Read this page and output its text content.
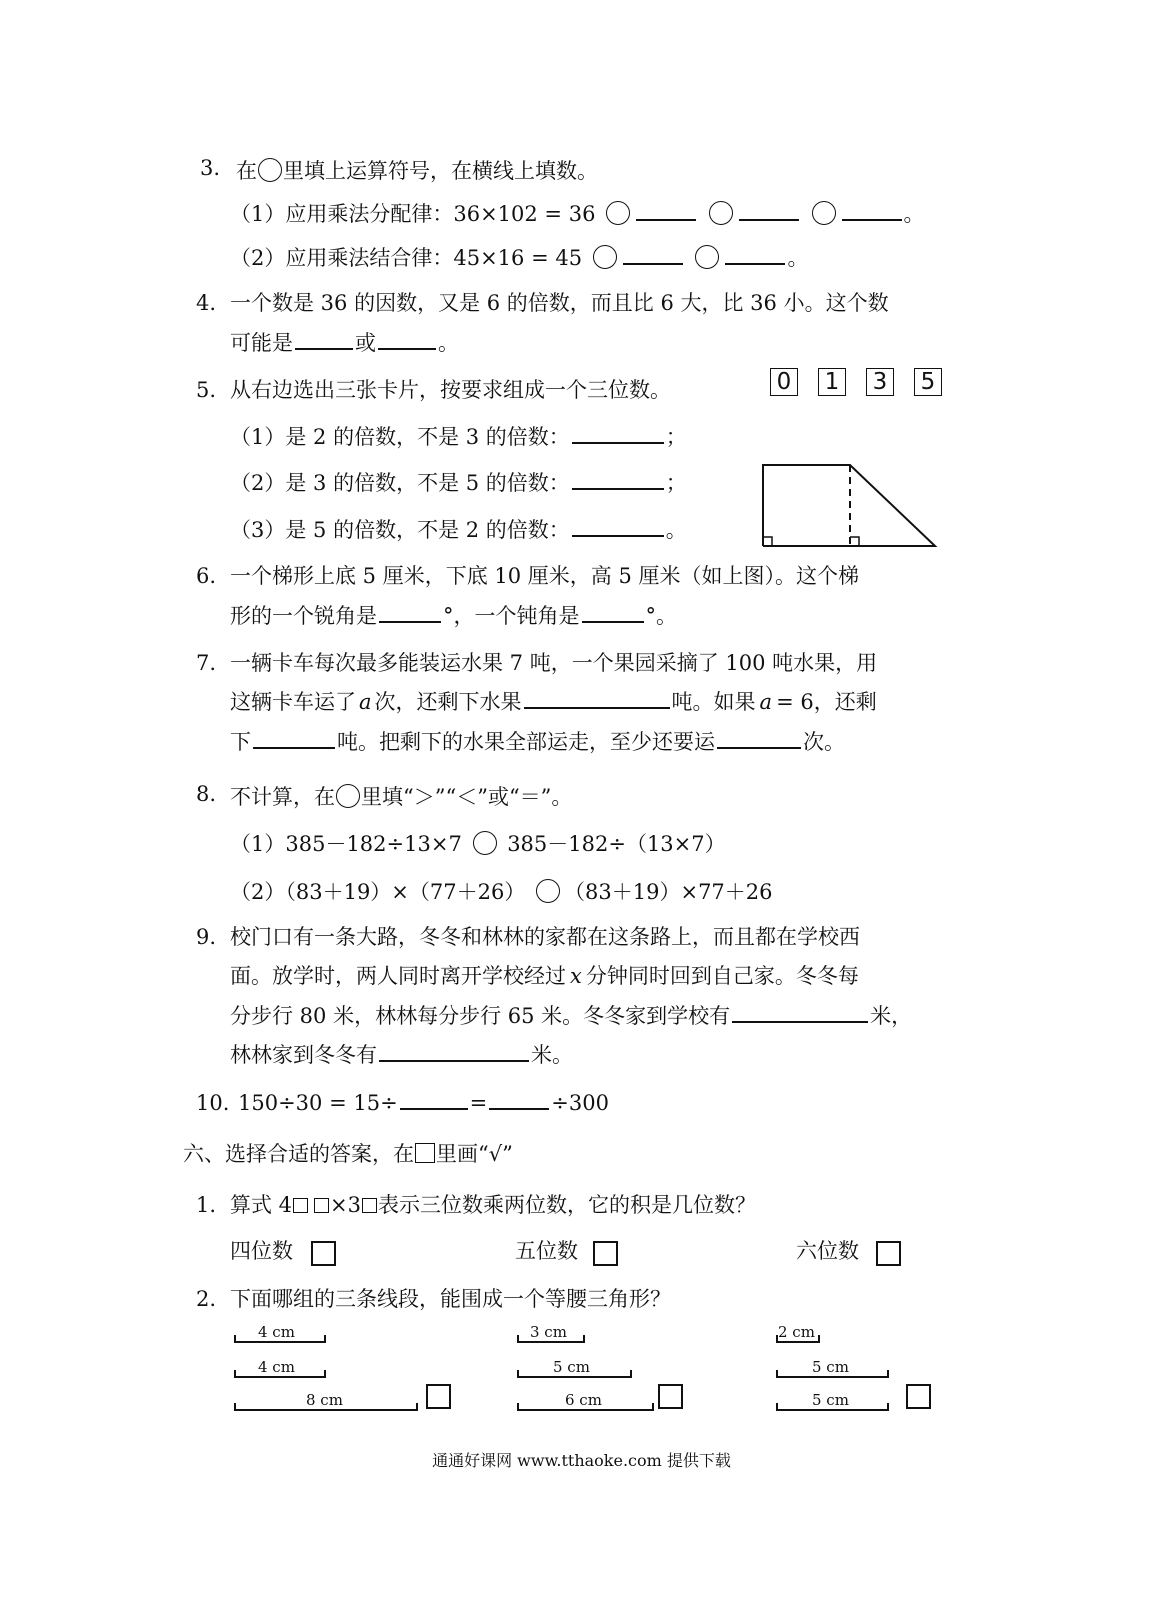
3. 在 里填上运算符号，在横线上填数。
（1）应用乘法分配律：36×102 = 36	。
（2）应用乘法结合律：45×16 = 45	。
4. 一个数是 36 的因数，又是 6 的倍数，而且比 6 大，比 36 小。这个数
可能是	或	。
5. 从右边选出三张卡片，按要求组成一个三位数。	0 1 3 5
（1）是 2 的倍数，不是 3 的倍数：	；
（2）是 3 的倍数，不是 5 的倍数：	；
（3）是 5 的倍数，不是 2 的倍数：	。
6. 一个梯形上底 5 厘米，下底 10 厘米，高 5 厘米（如上图）。这个梯
形的一个锐角是	°，一个钝角是	°。
7. 一辆卡车每次最多能装运水果 7 吨，一个果园采摘了 100 吨水果，用
这辆卡车运了 a 次，还剩下水果	吨。如果 a = 6，还剩
下	吨。把剩下的水果全部运走，至少还要运	次。
8. 不计算，在 里填“＞”“＜”或“＝”。
（1）385－182÷13×7 385－182÷（13×7）
（2）（83＋19）×（77＋26） （83＋19）×77＋26
9. 校门口有一条大路，冬冬和林林的家都在这条路上，而且都在学校西
面。放学时，两人同时离开学校经过 x 分钟同时回到自己家。冬冬每
分步行 80 米，林林每分步行 65 米。冬冬家到学校有	米，
林林家到冬冬有	米。
10. 150÷30 = 15÷	=	÷300
六、选择合适的答案，在 里画“√”
1. 算式 4 ×3 表示三位数乘两位数，它的积是几位数？
四位数	五位数	六位数
2. 下面哪组的三条线段，能围成一个等腰三角形？
4 cm
4 cm
8 cm
3 cm
5 cm
6 cm
2 cm
5 cm
5 cm
通通好课网 www.tthaoke.com 提供下载
